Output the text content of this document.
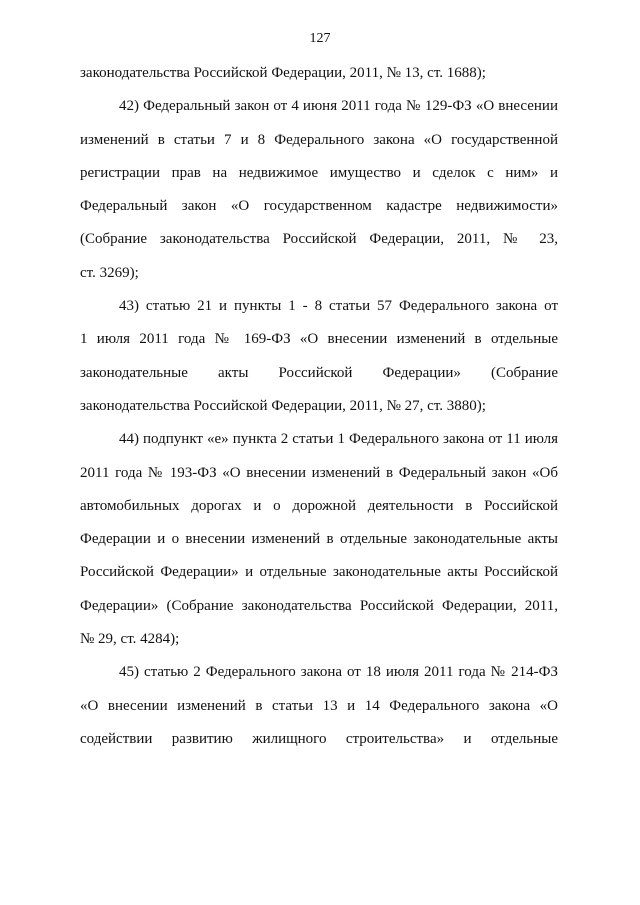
127
законодательства Российской Федерации, 2011, № 13, ст. 1688);
42) Федеральный закон от 4 июня 2011 года № 129-ФЗ «О внесении
изменений в статьи 7 и 8 Федерального закона «О государственной
регистрации прав на недвижимое имущество и сделок с ним» и
Федеральный закон «О государственном кадастре недвижимости»
(Собрание законодательства Российской Федерации, 2011, № 23,
ст. 3269);
43) статью 21 и пункты 1 - 8 статьи 57 Федерального закона от
1 июля 2011 года № 169-ФЗ «О внесении изменений в отдельные
законодательные акты Российской Федерации» (Собрание
законодательства Российской Федерации, 2011, № 27, ст. 3880);
44) подпункт «е» пункта 2 статьи 1 Федерального закона от 11 июля
2011 года № 193-ФЗ «О внесении изменений в Федеральный закон «Об
автомобильных дорогах и о дорожной деятельности в Российской
Федерации и о внесении изменений в отдельные законодательные акты
Российской Федерации» и отдельные законодательные акты Российской
Федерации» (Собрание законодательства Российской Федерации, 2011,
№ 29, ст. 4284);
45) статью 2 Федерального закона от 18 июля 2011 года № 214-ФЗ
«О внесении изменений в статьи 13 и 14 Федерального закона «О
содействии развитию жилищного строительства» и отдельные
